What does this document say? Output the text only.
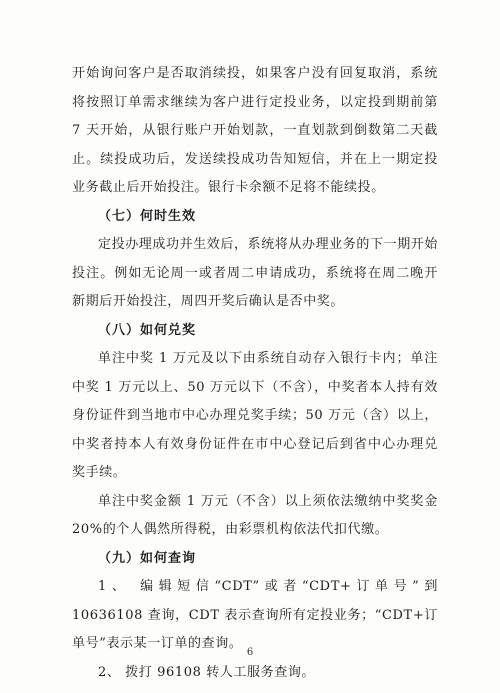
开始询问客户是否取消续投，如果客户没有回复取消，系统将按照订单需求继续为客户进行定投业务，以定投到期前第 7 天开始，从银行账户开始划款，一直划款到倒数第二天截止。续投成功后，发送续投成功告知短信，并在上一期定投业务截止后开始投注。银行卡余额不足将不能续投。

（七）何时生效

定投办理成功并生效后，系统将从办理业务的下一期开始投注。例如无论周一或者周二申请成功，系统将在周二晚开新期后开始投注，周四开奖后确认是否中奖。

（八）如何兑奖

单注中奖 1 万元及以下由系统自动存入银行卡内；单注中奖 1 万元以上、50 万元以下（不含），中奖者本人持有效身份证件到当地市中心办理兑奖手续；50 万元（含）以上，中奖者持本人有效身份证件在市中心登记后到省中心办理兑奖手续。

单注中奖金额 1 万元（不含）以上须依法缴纳中奖奖金 20%的个人偶然所得税，由彩票机构依法代扣代缴。

（九）如何查询

1、 编辑短信“CDT”或者“CDT+订单号”到 10636108 查询，CDT 表示查询所有定投业务；“CDT+订单号”表示某一订单的查询。

2、 拨打 96108 转人工服务查询。

6
